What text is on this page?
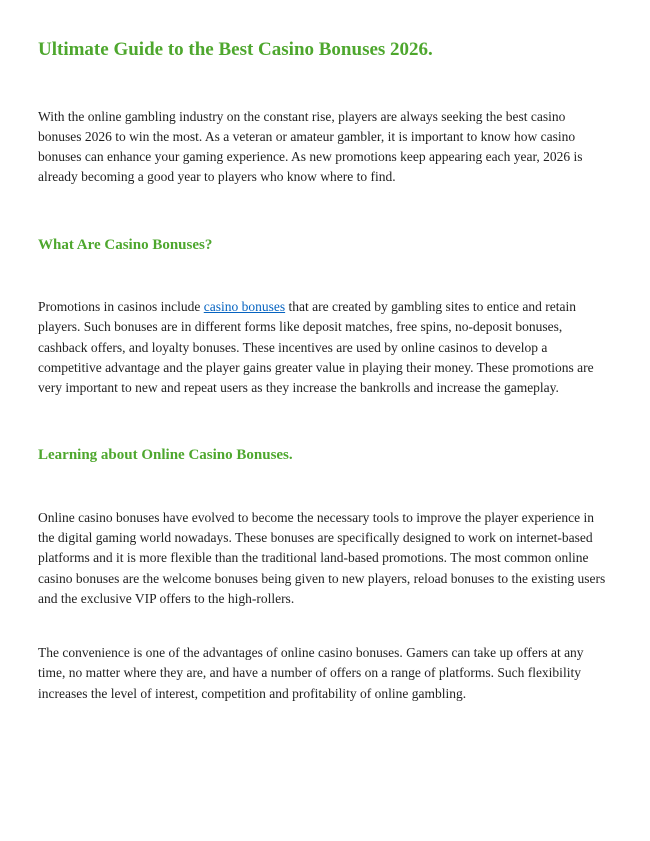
Ultimate Guide to the Best Casino Bonuses 2026.

With the online gambling industry on the constant rise, players are always seeking the best casino bonuses 2026 to win the most. As a veteran or amateur gambler, it is important to know how casino bonuses can enhance your gaming experience. As new promotions keep appearing each year, 2026 is already becoming a good year to players who know where to find.

What Are Casino Bonuses?

Promotions in casinos include casino bonuses that are created by gambling sites to entice and retain players. Such bonuses are in different forms like deposit matches, free spins, no-deposit bonuses, cashback offers, and loyalty bonuses. These incentives are used by online casinos to develop a competitive advantage and the player gains greater value in playing their money. These promotions are very important to new and repeat users as they increase the bankrolls and increase the gameplay.

Learning about Online Casino Bonuses.

Online casino bonuses have evolved to become the necessary tools to improve the player experience in the digital gaming world nowadays. These bonuses are specifically designed to work on internet-based platforms and it is more flexible than the traditional land-based promotions. The most common online casino bonuses are the welcome bonuses being given to new players, reload bonuses to the existing users and the exclusive VIP offers to the high-rollers.

The convenience is one of the advantages of online casino bonuses. Gamers can take up offers at any time, no matter where they are, and have a number of offers on a range of platforms. Such flexibility increases the level of interest, competition and profitability of online gambling.
